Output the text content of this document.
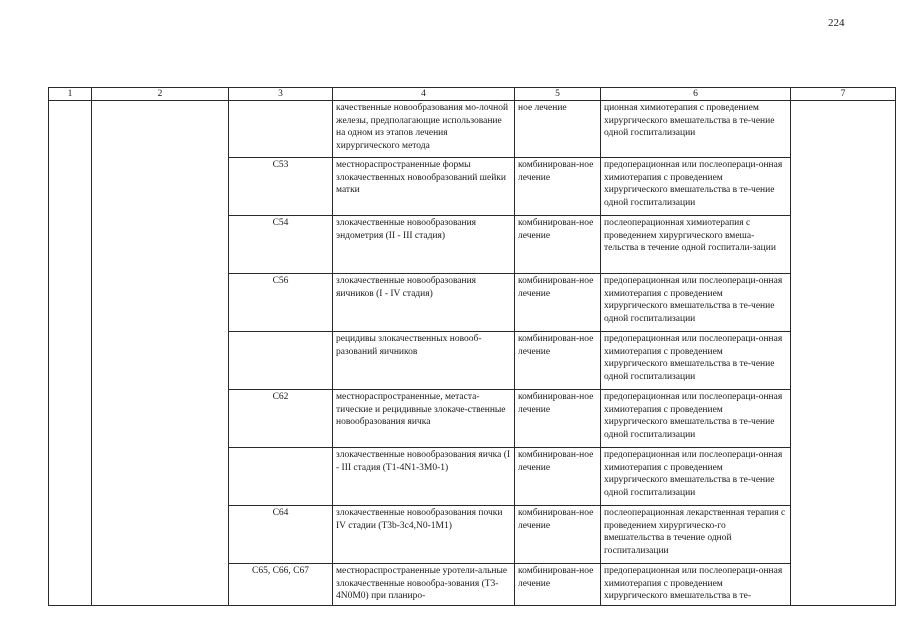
224
1	2	3	4	5	6	7
			качественные новообразования мо-лочной железы, предполагающие использование на одном из этапов лечения хирургического метода	ное лечение	ционная химиотерапия с проведением хирургического вмешательства в те-чение одной госпитализации	
		C53	местнораспространенные формы злокачественных новообразований шейки матки	комбинирован-ное лечение	предоперационная или послеопераци-онная химиотерапия с проведением хирургического вмешательства в те-чение одной госпитализации	
		C54	злокачественные новообразования эндометрия (II - III стадия)	комбинирован-ное лечение	послеоперационная химиотерапия с проведением хирургического вмеша-тельства в течение одной госпитали-зации	
		C56	злокачественные новообразования яичников (I - IV стадия)	комбинирован-ное лечение	предоперационная или послеопераци-онная химиотерапия с проведением хирургического вмешательства в те-чение одной госпитализации	
			рецидивы злокачественных новооб-разований яичников	комбинирован-ное лечение	предоперационная или послеопераци-онная химиотерапия с проведением хирургического вмешательства в те-чение одной госпитализации	
		C62	местнораспространенные, метаста-тические и рецидивные злокаче-ственные новообразования яичка	комбинирован-ное лечение	предоперационная или послеопераци-онная химиотерапия с проведением хирургического вмешательства в те-чение одной госпитализации	
			злокачественные новообразования яичка (I - III стадия (T1-4N1-3M0-1)	комбинирован-ное лечение	предоперационная или послеопераци-онная химиотерапия с проведением хирургического вмешательства в те-чение одной госпитализации	
		C64	злокачественные новообразования почки IV стадии (T3b-3c4,N0-1M1)	комбинирован-ное лечение	послеоперационная лекарственная терапия с проведением хирургическо-го вмешательства в течение одной госпитализации	
		C65, C66, C67	местнораспространенные уротели-альные злокачественные новообра-зования (T3-4N0M0) при планиро-	комбинирован-ное лечение	предоперационная или послеопераци-онная химиотерапия с проведением хирургического вмешательства в те-	
